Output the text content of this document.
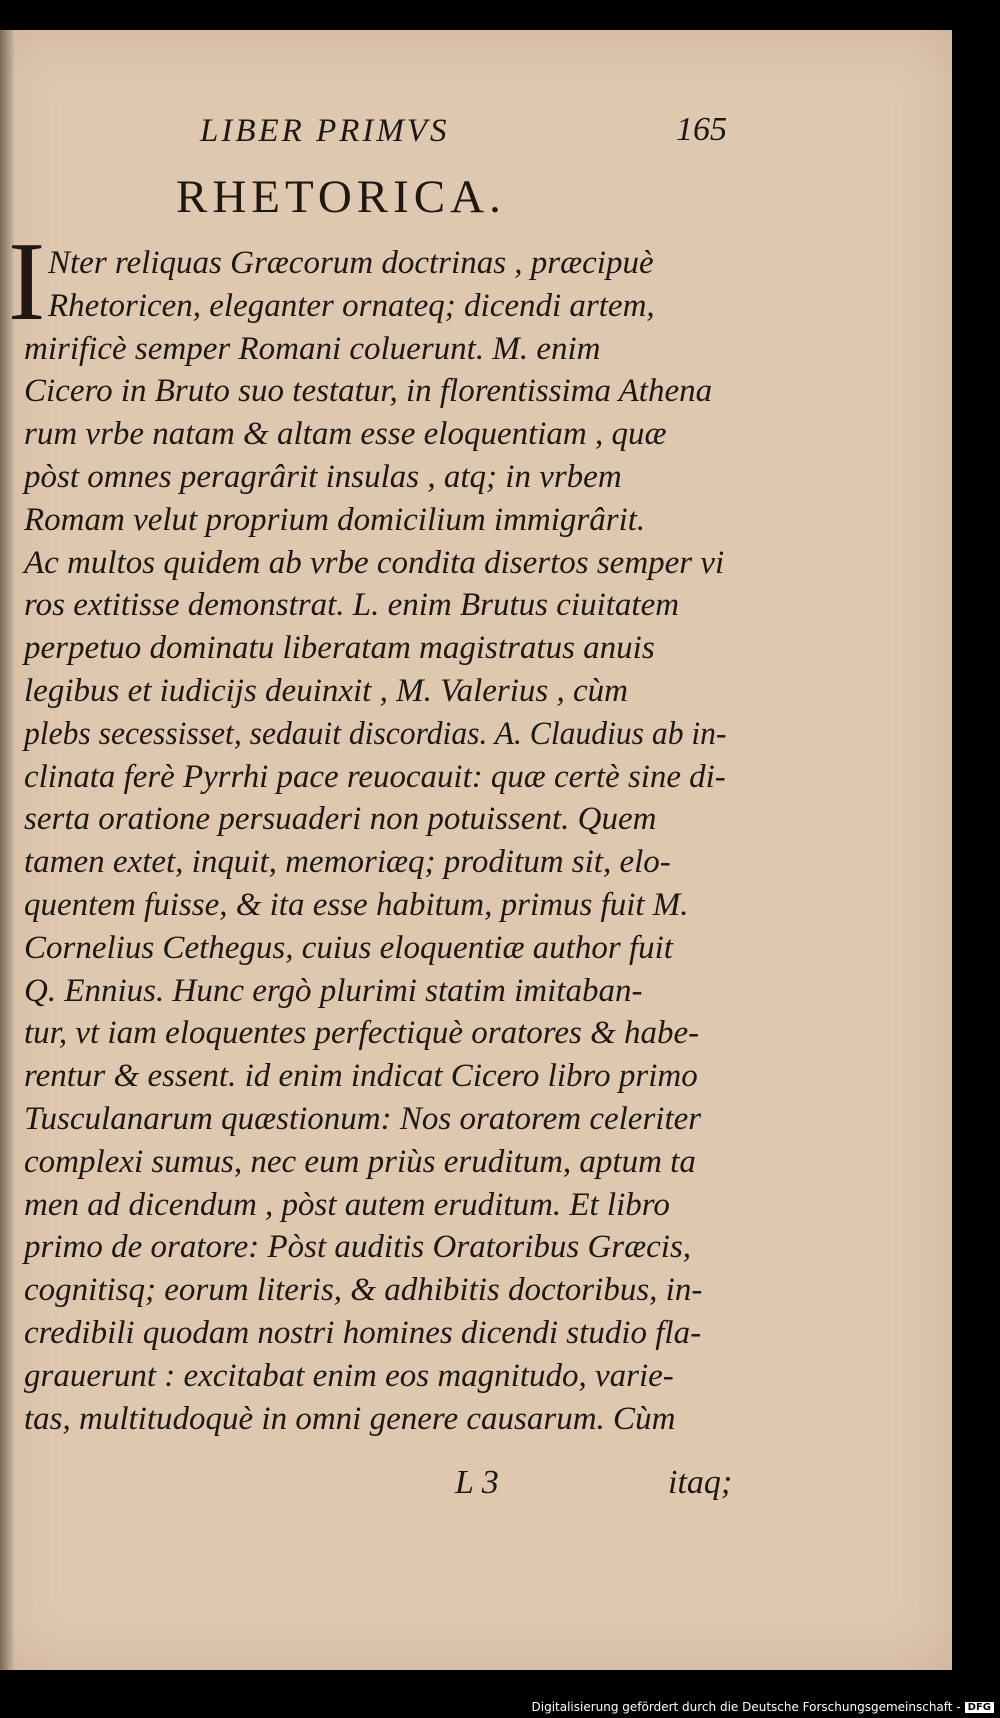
LIBER PRIMVS	165
RHETORICA.
I Nter reliquas Græcorum doctrinas , præcipuè
Rhetoricen, eleganter ornateq; dicendi artem,
mirificè semper Romani coluerunt. M. enim
Cicero in Bruto suo testatur, in florentissima Athena
rum vrbe natam & altam esse eloquentiam , quæ
pòst omnes peragrârit insulas , atq; in vrbem
Romam velut proprium domicilium immigrârit.
Ac multos quidem ab vrbe condita disertos semper vi
ros extitisse demonstrat. L. enim Brutus ciuitatem
perpetuo dominatu liberatam magistratus anuis
legibus et iudicijs deuinxit , M. Valerius , cùm
plebs secessisset, sedauit discordias. A. Claudius ab in-
clinata ferè Pyrrhi pace reuocauit: quæ certè sine di-
serta oratione persuaderi non potuissent. Quem
tamen extet, inquit, memoriæq; proditum sit, elo-
quentem fuisse, & ita esse habitum, primus fuit M.
Cornelius Cethegus, cuius eloquentiæ author fuit
Q. Ennius. Hunc ergò plurimi statim imitaban-
tur, vt iam eloquentes perfectiquè oratores & habe-
rentur & essent. id enim indicat Cicero libro primo
Tusculanarum quæstionum: Nos oratorem celeriter
complexi sumus, nec eum priùs eruditum, aptum ta
men ad dicendum , pòst autem eruditum. Et libro
primo de oratore: Pòst auditis Oratoribus Græcis,
cognitisq; eorum literis, & adhibitis doctoribus, in-
credibili quodam nostri homines dicendi studio fla-
grauerunt : excitabat enim eos magnitudo, varie-
tas, multitudoquè in omni genere causarum. Cùm
L 3	itaq;
Digitalisierung gefördert durch die Deutsche Forschungsgemeinschaft - DFG
